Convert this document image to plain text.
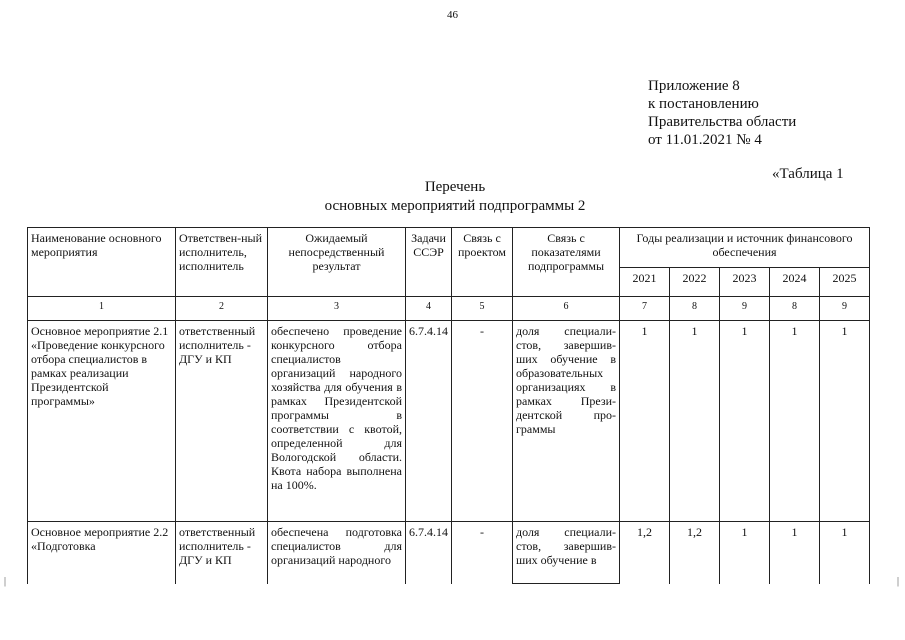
46
Приложение 8
к постановлению
Правительства области
от 11.01.2021 № 4
«Таблица 1
Перечень
основных мероприятий подпрограммы 2
Наименование основного мероприятия	Ответствен-ный исполнитель, исполнитель	Ожидаемый непосредственный результат	Задачи ССЭР	Связь с проектом	Связь с показателями подпрограммы	Годы реализации и источник финансового обеспечения				
						2021	2022	2023	2024	2025
1	2	3	4	5	6	7	8	9	8	9
Основное мероприятие 2.1 «Проведение конкурсного отбора специалистов в рамках реализации Президентской программы»	ответственный исполнитель - ДГУ и КП	обеспечено проведение конкурсного отбора специалистов организаций народного хозяйства для обучения в рамках Президентской программы в соответствии с квотой, определенной для Вологодской области. Квота набора выполнена на 100%.	6.7.4.14	-	доля специали-стов, завершив-ших обучение в образовательных организациях в рамках Прези-дентской про-граммы	1	1	1	1	1
Основное мероприятие 2.2 «Подготовка	ответственный исполнитель - ДГУ и КП	обеспечена подготовка специалистов для организаций народного	6.7.4.14	-	доля специали-стов, завершив-ших обучение в	1,2	1,2	1	1	1
|	|
